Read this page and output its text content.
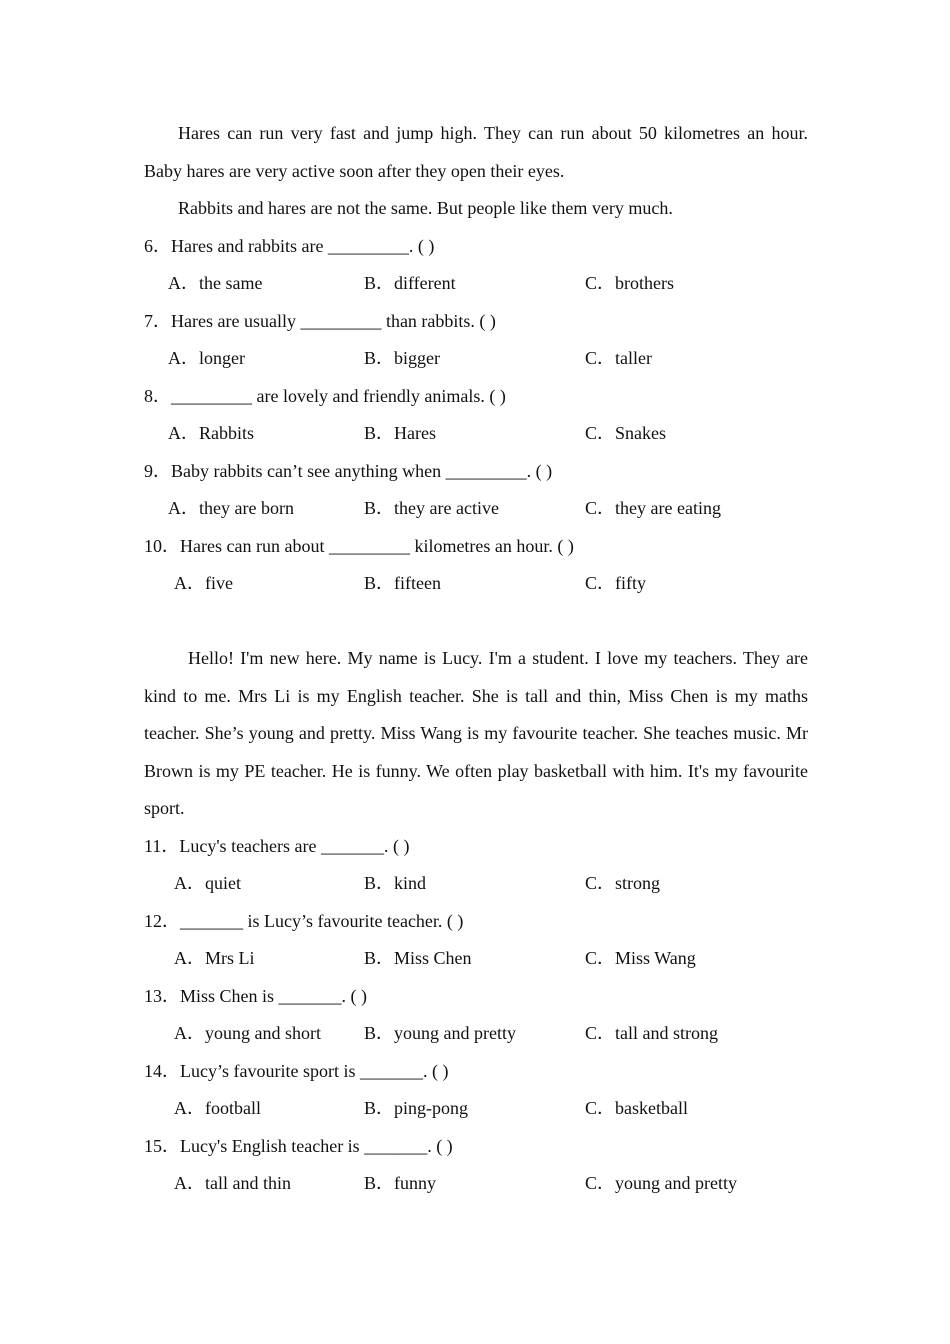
Hares can run very fast and jump high. They can run about 50 kilometres an hour. Baby hares are very active soon after they open their eyes.

Rabbits and hares are not the same. But people like them very much.

6．Hares and rabbits are _________. ( )

A．the same	B．different	C．brothers

7．Hares are usually _________ than rabbits. ( )

A．longer	B．bigger	C．taller

8．_________ are lovely and friendly animals. ( )

A．Rabbits	B．Hares	C．Snakes

9．Baby rabbits can’t see anything when _________. ( )

A．they are born	B．they are active	C．they are eating

10．Hares can run about _________ kilometres an hour. ( )

A．five	B．fifteen	C．fifty

Hello! I'm new here. My name is Lucy. I'm a student. I love my teachers. They are kind to me. Mrs Li is my English teacher. She is tall and thin, Miss Chen is my maths teacher. She’s young and pretty. Miss Wang is my favourite teacher. She teaches music. Mr Brown is my PE teacher. He is funny. We often play basketball with him. It's my favourite sport.

11．Lucy's teachers are _______. ( )

A．quiet	B．kind	C．strong

12．_______ is Lucy’s favourite teacher. ( )

A．Mrs Li	B．Miss Chen	C．Miss Wang

13．Miss Chen is _______. ( )

A．young and short B．young and pretty	C．tall and strong

14．Lucy’s favourite sport is _______. ( )

A．football	B．ping-pong	C．basketball

15．Lucy's English teacher is _______. ( )

A．tall and thin	B．funny	C．young and pretty
